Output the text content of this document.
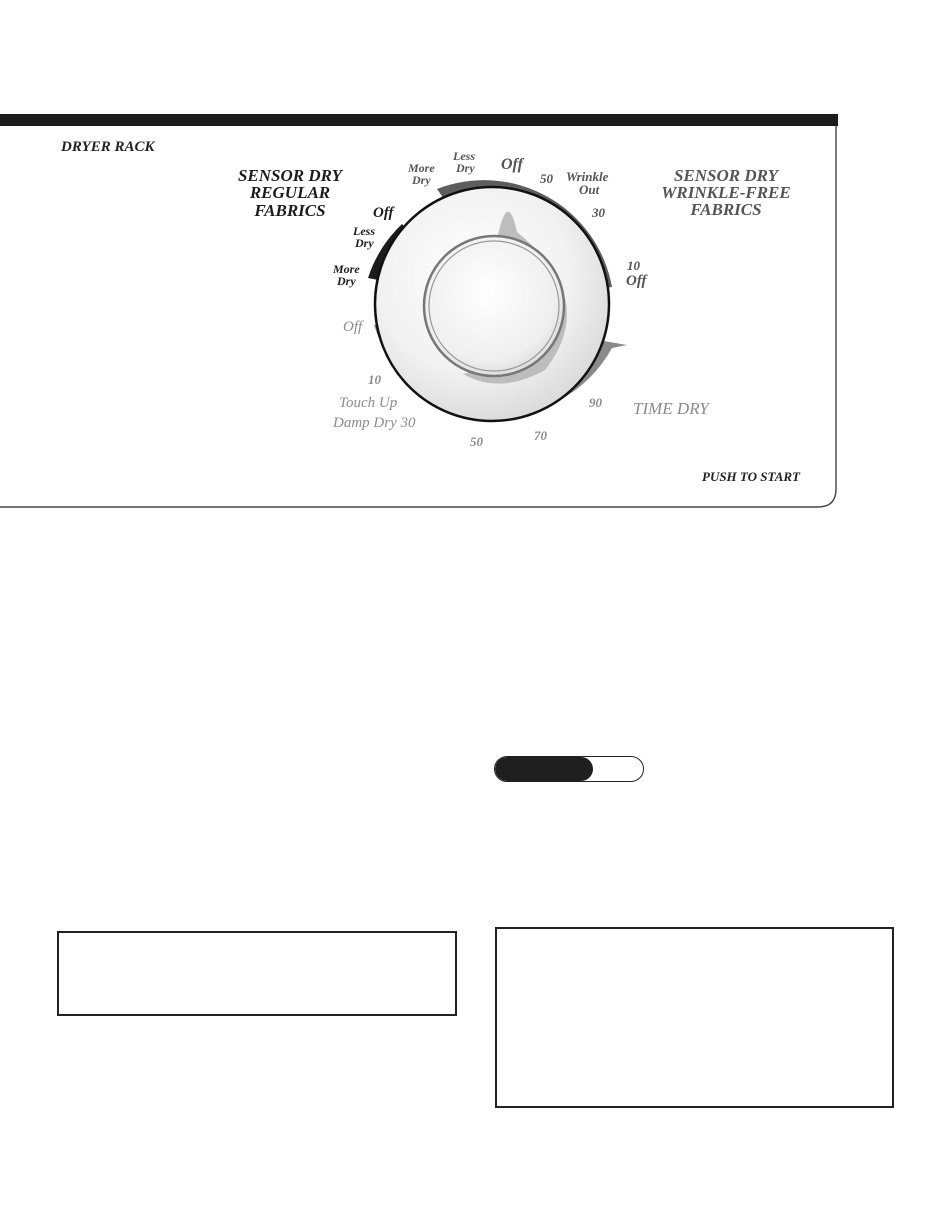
DRYER RACK
PUSH TO START
SENSOR DRY
REGULAR
FABRICS
SENSOR DRY
WRINKLE-FREE
FABRICS
TIME DRY
Off
Less
Dry
More
Dry
More
Dry
Less
Dry Off
50 Wrinkle
Out
30
10
Off
Off
10
Touch Up
Damp Dry 30
50	70
90
